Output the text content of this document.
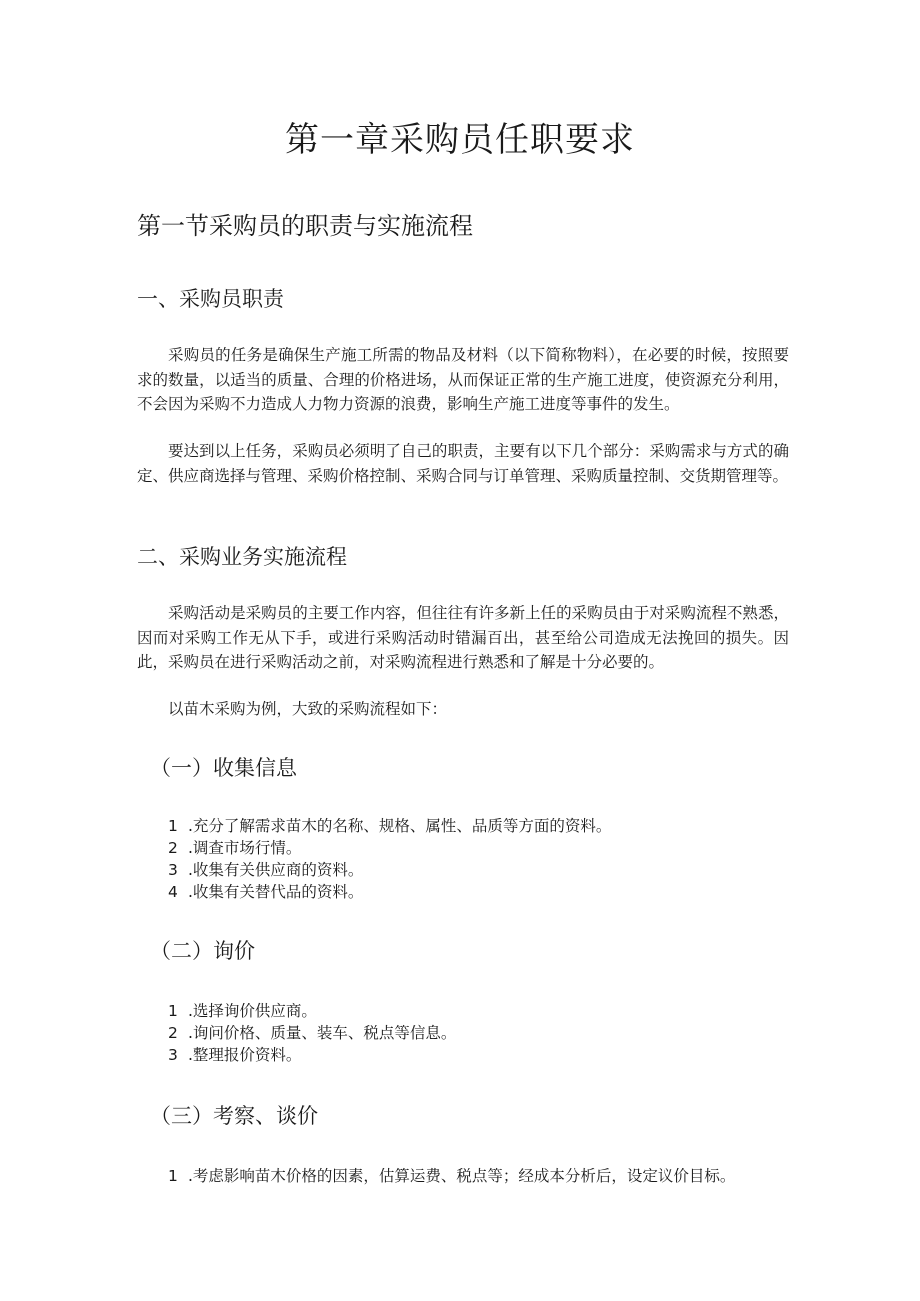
第一章采购员任职要求
第一节采购员的职责与实施流程
一、采购员职责

采购员的任务是确保生产施工所需的物品及材料（以下简称物料），在必要的时候，按照要求的数量，以适当的质量、合理的价格进场，从而保证正常的生产施工进度，使资源充分利用，不会因为采购不力造成人力物力资源的浪费，影响生产施工进度等事件的发生。

要达到以上任务，采购员必须明了自己的职责，主要有以下几个部分：采购需求与方式的确定、供应商选择与管理、采购价格控制、采购合同与订单管理、采购质量控制、交货期管理等。

二、采购业务实施流程

采购活动是采购员的主要工作内容，但往往有许多新上任的采购员由于对采购流程不熟悉，因而对采购工作无从下手，或进行采购活动时错漏百出，甚至给公司造成无法挽回的损失。因此，采购员在进行采购活动之前，对采购流程进行熟悉和了解是十分必要的。

以苗木采购为例，大致的采购流程如下：

（一）收集信息
1 .充分了解需求苗木的名称、规格、属性、品质等方面的资料。
2 .调查市场行情。
3 .收集有关供应商的资料。
4 .收集有关替代品的资料。
（二）询价
1 .选择询价供应商。
2 .询问价格、质量、装车、税点等信息。
3 .整理报价资料。
（三）考察、谈价
1 .考虑影响苗木价格的因素，估算运费、税点等；经成本分析后，设定议价目标。
